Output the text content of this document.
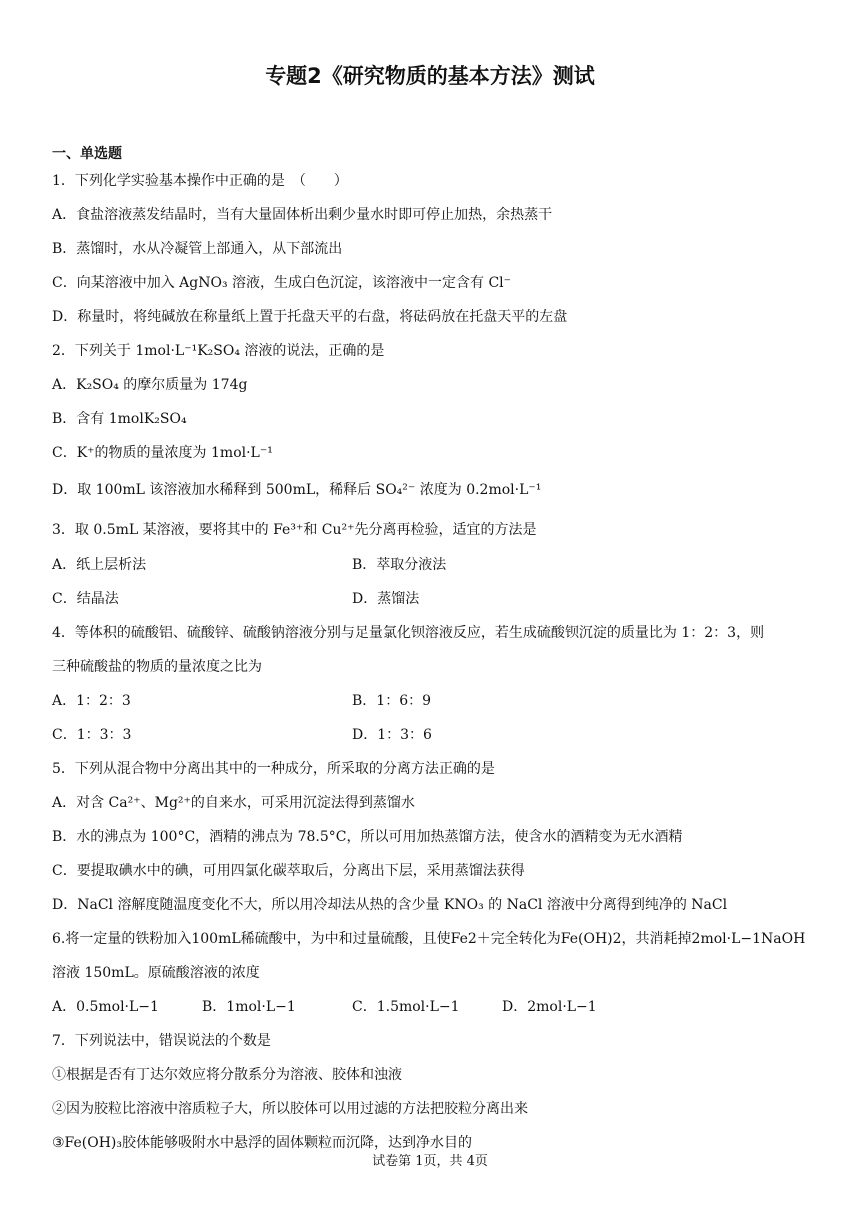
专题2《研究物质的基本方法》测试
一、单选题
1．下列化学实验基本操作中正确的是　（　　）
A．食盐溶液蒸发结晶时，当有大量固体析出剩少量水时即可停止加热，余热蒸干
B．蒸馏时，水从冷凝管上部通入，从下部流出
C．向某溶液中加入 AgNO₃ 溶液，生成白色沉淀，该溶液中一定含有 Cl⁻
D．称量时，将纯碱放在称量纸上置于托盘天平的右盘，将砝码放在托盘天平的左盘
2．下列关于 1mol·L⁻¹K₂SO₄ 溶液的说法，正确的是
A．K₂SO₄ 的摩尔质量为 174g
B．含有 1molK₂SO₄
C．K⁺的物质的量浓度为 1mol·L⁻¹
D．取 100mL 该溶液加水稀释到 500mL，稀释后 SO₄²⁻ 浓度为 0.2mol·L⁻¹
3．取 0.5mL 某溶液，要将其中的 Fe³⁺和 Cu²⁺先分离再检验，适宜的方法是
A．纸上层析法	B．萃取分液法
C．结晶法	D．蒸馏法
4．等体积的硫酸铝、硫酸锌、硫酸钠溶液分别与足量氯化钡溶液反应，若生成硫酸钡沉淀的质量比为 1：2：3，则
三种硫酸盐的物质的量浓度之比为
A．1：2：3	B．1：6：9
C．1：3：3	D．1：3：6
5．下列从混合物中分离出其中的一种成分，所采取的分离方法正确的是
A．对含 Ca²⁺、Mg²⁺的自来水，可采用沉淀法得到蒸馏水
B．水的沸点为 100°C，酒精的沸点为 78.5°C，所以可用加热蒸馏方法，使含水的酒精变为无水酒精
C．要提取碘水中的碘，可用四氯化碳萃取后，分离出下层，采用蒸馏法获得
D．NaCl 溶解度随温度变化不大，所以用冷却法从热的含少量 KNO₃ 的 NaCl 溶液中分离得到纯净的 NaCl
6.将一定量的铁粉加入100mL稀硫酸中，为中和过量硫酸，且使Fe2＋完全转化为Fe(OH)2，共消耗掉2mol·L−1NaOH
溶液 150mL。原硫酸溶液的浓度
A．0.5mol·L−1	B．1mol·L−1	C．1.5mol·L−1	D．2mol·L−1
7．下列说法中，错误说法的个数是
①根据是否有丁达尔效应将分散系分为溶液、胶体和浊液
②因为胶粒比溶液中溶质粒子大，所以胶体可以用过滤的方法把胶粒分离出来
③Fe(OH)₃胶体能够吸附水中悬浮的固体颗粒而沉降，达到净水目的
试卷第 1页，共 4页
